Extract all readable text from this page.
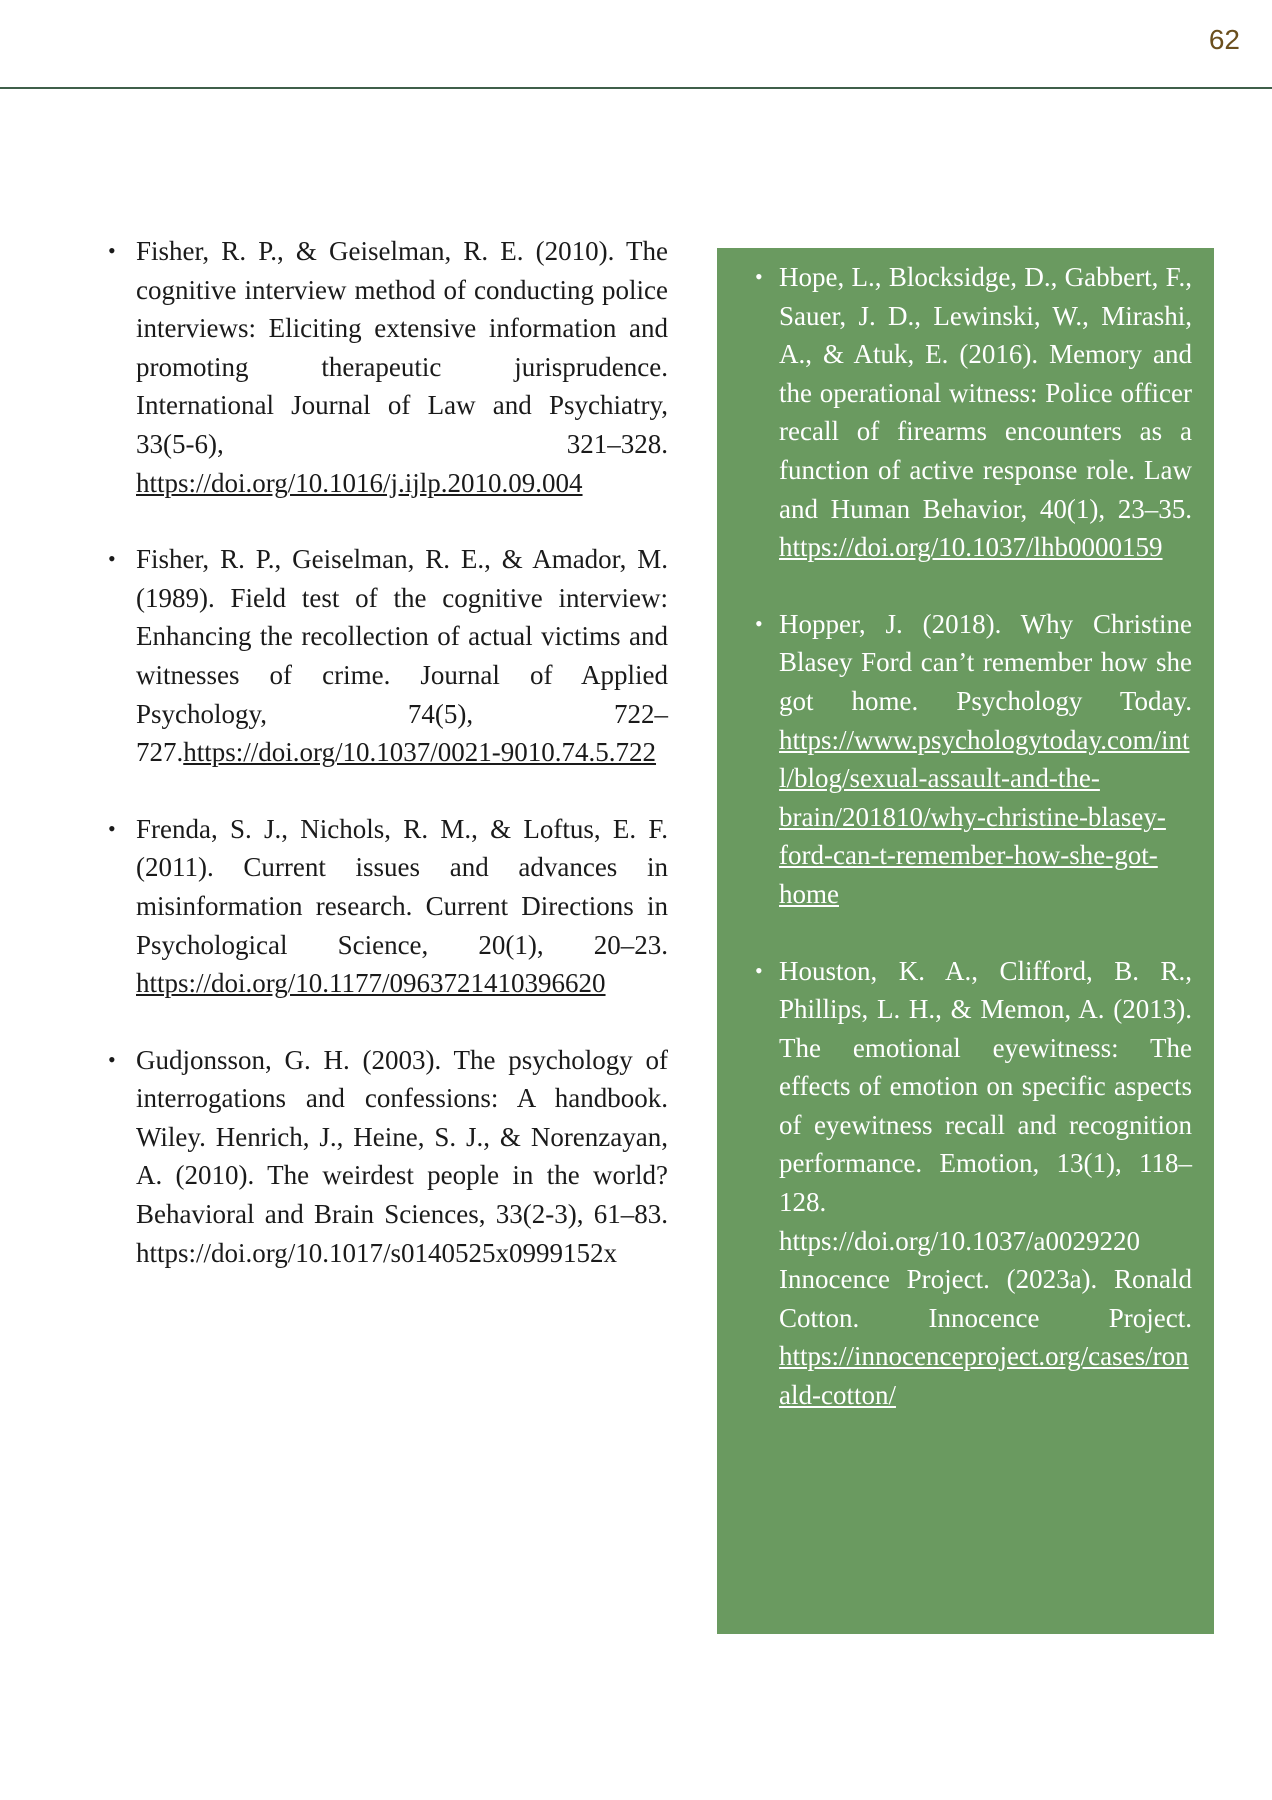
62
• Fisher, R. P., & Geiselman, R. E. (2010). The cognitive interview method of conducting police interviews: Eliciting extensive information and promoting therapeutic jurisprudence. International Journal of Law and Psychiatry, 33(5-6), 321–328. https://doi.org/10.1016/j.ijlp.2010.09.004
• Fisher, R. P., Geiselman, R. E., & Amador, M. (1989). Field test of the cognitive interview: Enhancing the recollection of actual victims and witnesses of crime. Journal of Applied Psychology, 74(5), 722–727.https://doi.org/10.1037/0021-9010.74.5.722
• Frenda, S. J., Nichols, R. M., & Loftus, E. F. (2011). Current issues and advances in misinformation research. Current Directions in Psychological Science, 20(1), 20–23. https://doi.org/10.1177/0963721410396620
• Gudjonsson, G. H. (2003). The psychology of interrogations and confessions: A handbook. Wiley. Henrich, J., Heine, S. J., & Norenzayan, A. (2010). The weirdest people in the world? Behavioral and Brain Sciences, 33(2-3), 61–83. https://doi.org/10.1017/s0140525x0999152x
• Hope, L., Blocksidge, D., Gabbert, F., Sauer, J. D., Lewinski, W., Mirashi, A., & Atuk, E. (2016). Memory and the operational witness: Police officer recall of firearms encounters as a function of active response role. Law and Human Behavior, 40(1), 23–35. https://doi.org/10.1037/lhb0000159
• Hopper, J. (2018). Why Christine Blasey Ford can’t remember how she got home. Psychology Today. https://www.psychologytoday.com/intl/blog/sexual-assault-and-the-brain/201810/why-christine-blasey-ford-can-t-remember-how-she-got-home
• Houston, K. A., Clifford, B. R., Phillips, L. H., & Memon, A. (2013). The emotional eyewitness: The effects of emotion on specific aspects of eyewitness recall and recognition performance. Emotion, 13(1), 118–128. https://doi.org/10.1037/a0029220 Innocence Project. (2023a). Ronald Cotton. Innocence Project. https://innocenceproject.org/cases/ronald-cotton/
